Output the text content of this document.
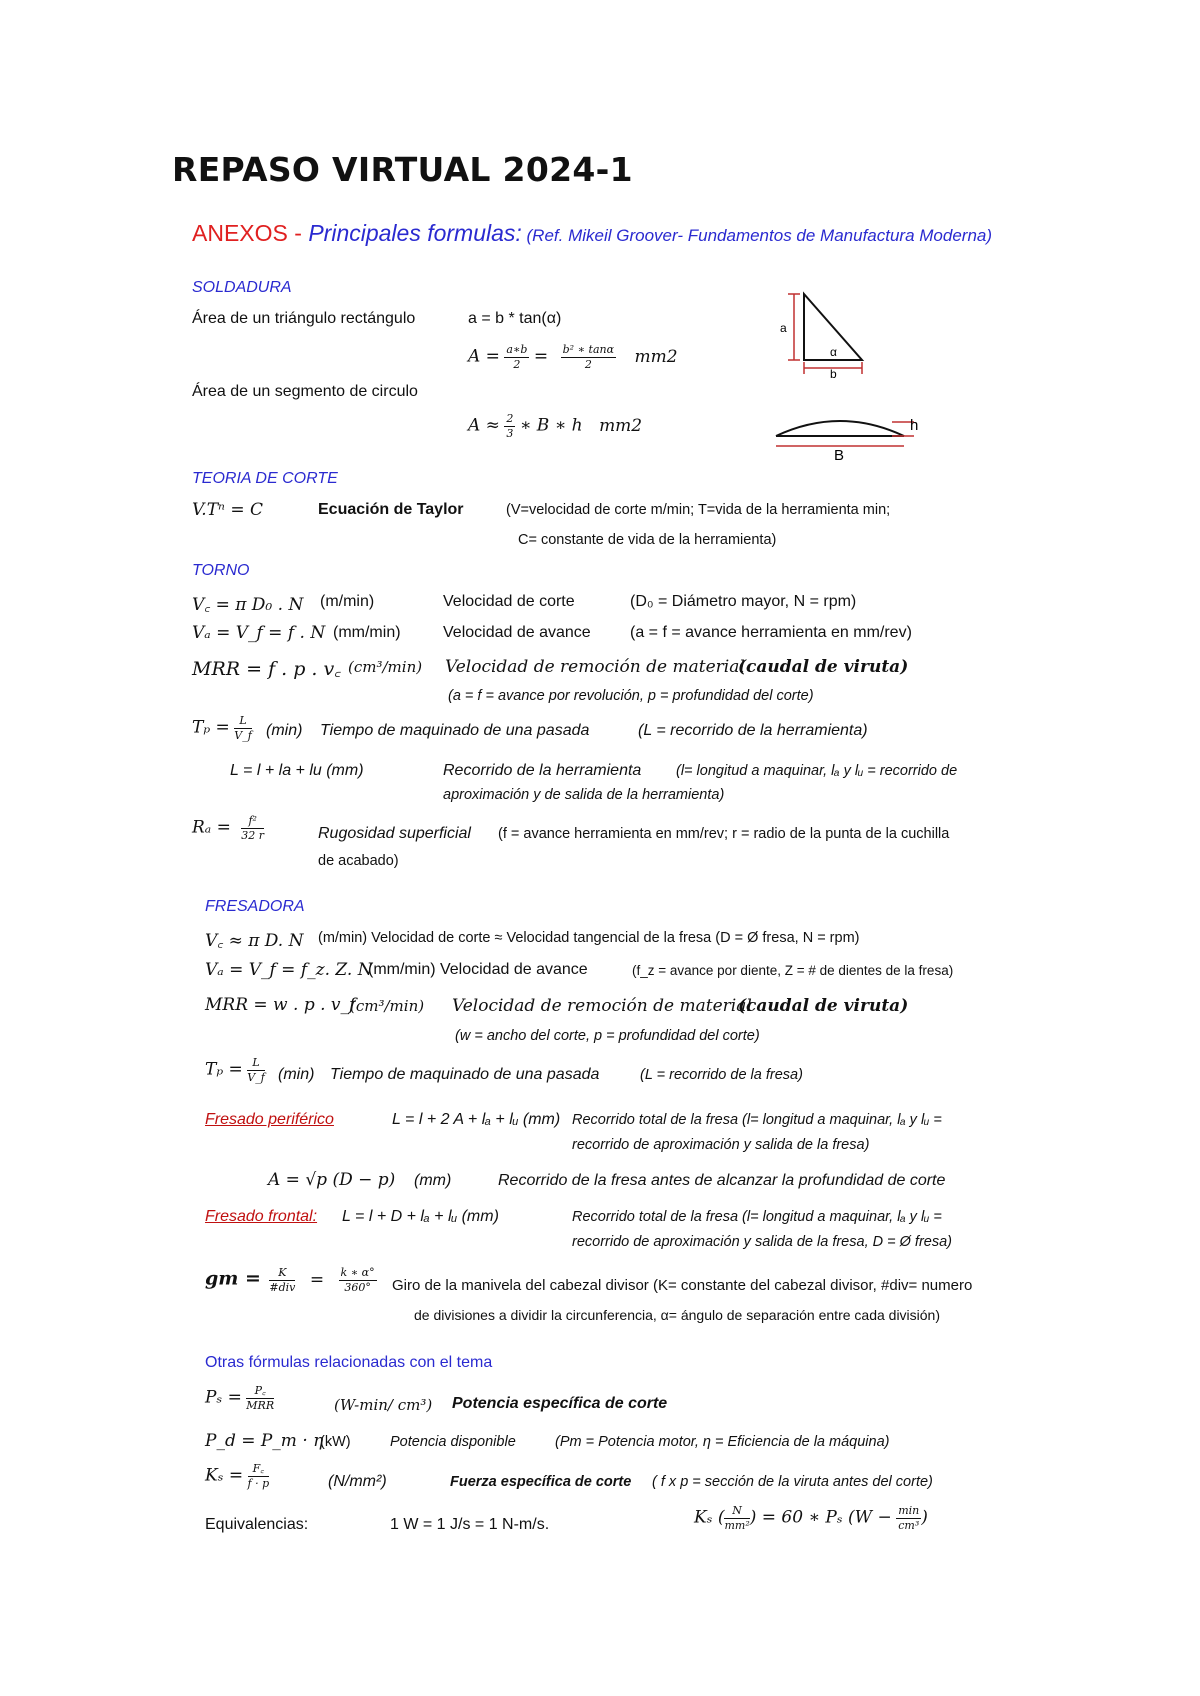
REPASO VIRTUAL 2024-1
ANEXOS - Principales formulas: (Ref. Mikeil Groover- Fundamentos de Manufactura Moderna)
SOLDADURA
Área de un triángulo rectángulo	a = b * tan(α)
$A = \frac{a∗b}{2} = \frac{\text{b² ∗ tanα}}{2} mm2$
a
b
α
Área de un segmento de circulo
$A \approx \frac{2}{3}$ ∗ B ∗ h mm2	h
B
TEORIA DE CORTE
V.Tⁿ = C	Ecuación de Taylor	(V=velocidad de corte m/min; T=vida de la herramienta min;
C= constante de vida de la herramienta)
TORNO
V꜀ = π D₀ . N (m/min)	Velocidad de corte	(D₀ = Diámetro mayor, N = rpm)
Vₐ = V_f = f . N (mm/min)	Velocidad de avance (a = f = avance herramienta en mm/rev)
MRR = f . p . v꜀ (cm³/min) Velocidad de remoción de material
(caudal de viruta)
(a = f = avance por revolución, p = profundidad del corte)
$T_p = \frac{L}{V\_f} (\min)$ Tiempo de maquinado de una pasada	(L = recorrido de la herramienta)
L = l + la + lu (mm)	Recorrido de la herramienta (l= longitud a maquinar, lₐ y lᵤ = recorrido de
aproximación y de salida de la herramienta)
$R_a = \frac{\text{f²}}{32 r}$	Rugosidad superficial (f = avance herramienta en mm/rev; r = radio de la punta de la cuchilla
de acabado)
FRESADORA
V꜀ ≈ π D. N (m/min) Velocidad de corte ≈ Velocidad tangencial de la fresa (D = Ø fresa, N = rpm)
Vₐ = V_f = f_z. Z. N
(mm/min) Velocidad de avance	(f_z = avance por diente, Z = # de dientes de la fresa)
MRR = w . p . v_f
(cm³/min) Velocidad de remoción de material
(caudal de viruta)
(w = ancho del corte, p = profundidad del corte)
$T_p = \frac{L}{V\_f} (\min)$ Tiempo de maquinado de una pasada	(L = recorrido de la fresa)
Fresado periférico	L = l + 2 A + lₐ + lᵤ (mm) Recorrido total de la fresa (l= longitud a maquinar, lₐ y lᵤ =
recorrido de aproximación y salida de la fresa)
A = √p (D − p) (mm)	Recorrido de la fresa antes de alcanzar la profundidad de corte
Fresado frontal: L = l + D + lₐ + lᵤ (mm)	Recorrido total de la fresa (l= longitud a maquinar, lₐ y lᵤ =
recorrido de aproximación y salida de la fresa, D = Ø fresa)
gm = $\frac{K}{\text{\#div}} = \frac{k ∗ \alpha^\circ}{360^\circ}$ Giro de la manivela del cabezal divisor (K= constante del cabezal divisor, #div= numero
de divisiones a dividir la circunferencia, α= ángulo de separación entre cada división)
Otras fórmulas relacionadas con el tema
$P_s = \frac{P꜀}{\text{MRR}}$	(W-min/ cm³) Potencia específica de corte
P_d = P_m · η
(kW)	Potencia disponible	(Pm = Potencia motor, η = Eficiencia de la máquina)
$K_s = \frac{F꜀}{f \cdot p}$	(N/mm²)	Fuerza específica de corte ( f x p = sección de la viruta antes del corte)
Equivalencias:	1 W = 1 J/s = 1 N-m/s.	Kₛ ( $\frac{N}{\text{mm²}}$ ) = 60 ∗ Pₛ ($W - \frac{\min}{\text{cm³}}$ )
